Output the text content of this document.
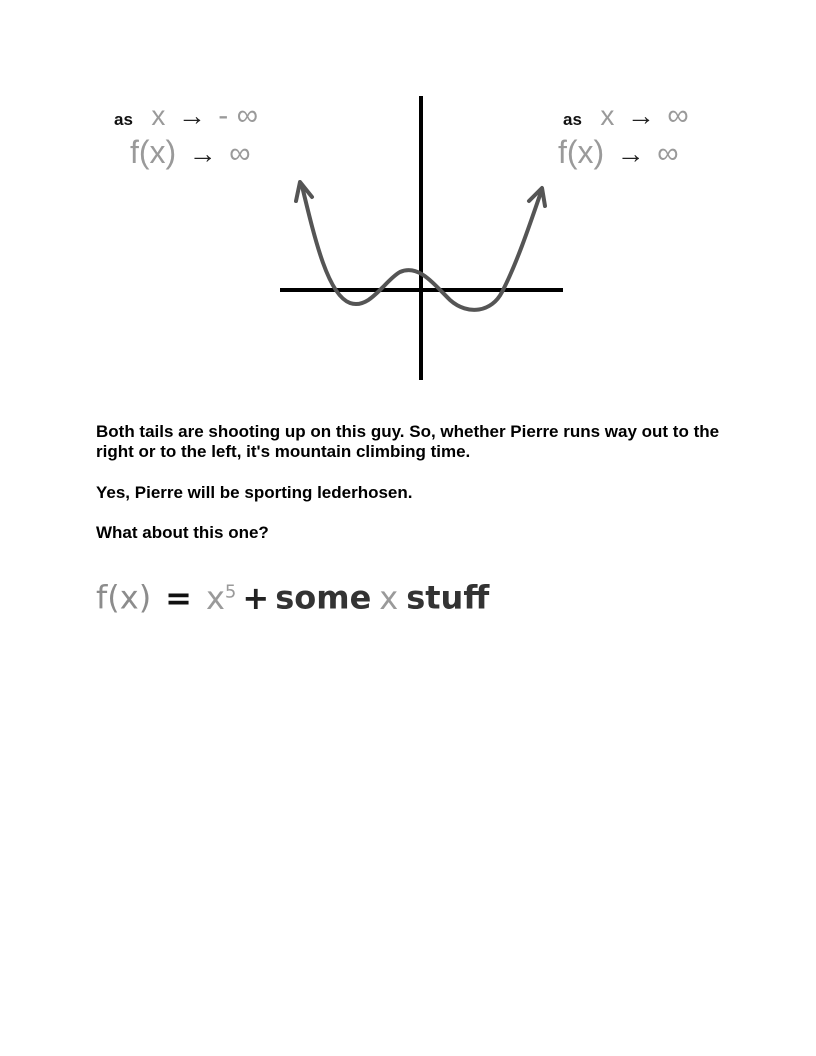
as x → - ∞
f(x) → ∞
as x → ∞
f(x) → ∞

Both tails are shooting up on this guy. So, whether Pierre runs way out to the right or to the left, it's mountain climbing time.

Yes, Pierre will be sporting lederhosen.

What about this one?

$f(x) = x^5$ + some x stuff
